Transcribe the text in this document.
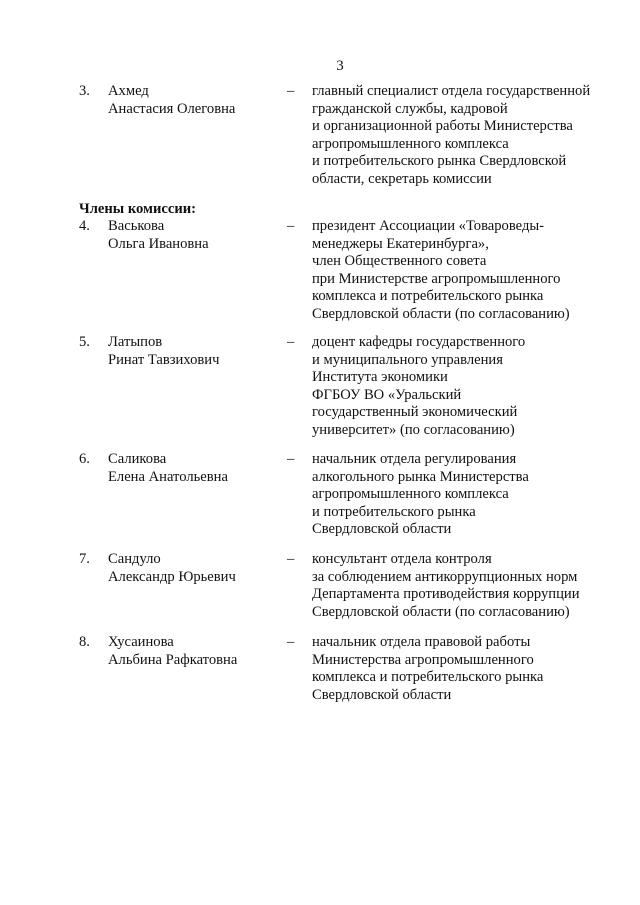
3
3. Ахмед
Анастасия Олеговна
– главный специалист отдела государственной
гражданской службы, кадровой
и организационной работы Министерства
агропромышленного комплекса
и потребительского рынка Свердловской
области, секретарь комиссии
Члены комиссии:
4. Васькова
Ольга Ивановна
– президент Ассоциации «Товароведы-
менеджеры Екатеринбурга»,
член Общественного совета
при Министерстве агропромышленного
комплекса и потребительского рынка
Свердловской области (по согласованию)
5. Латыпов
Ринат Тавзихович
– доцент кафедры государственного
и муниципального управления
Института экономики
ФГБОУ ВО «Уральский
государственный экономический
университет» (по согласованию)
6. Саликова
Елена Анатольевна
– начальник отдела регулирования
алкогольного рынка Министерства
агропромышленного комплекса
и потребительского рынка
Свердловской области
7. Сандуло
Александр Юрьевич
– консультант отдела контроля
за соблюдением антикоррупционных норм
Департамента противодействия коррупции
Свердловской области (по согласованию)
8. Хусаинова
Альбина Рафкатовна
– начальник отдела правовой работы
Министерства агропромышленного
комплекса и потребительского рынка
Свердловской области
